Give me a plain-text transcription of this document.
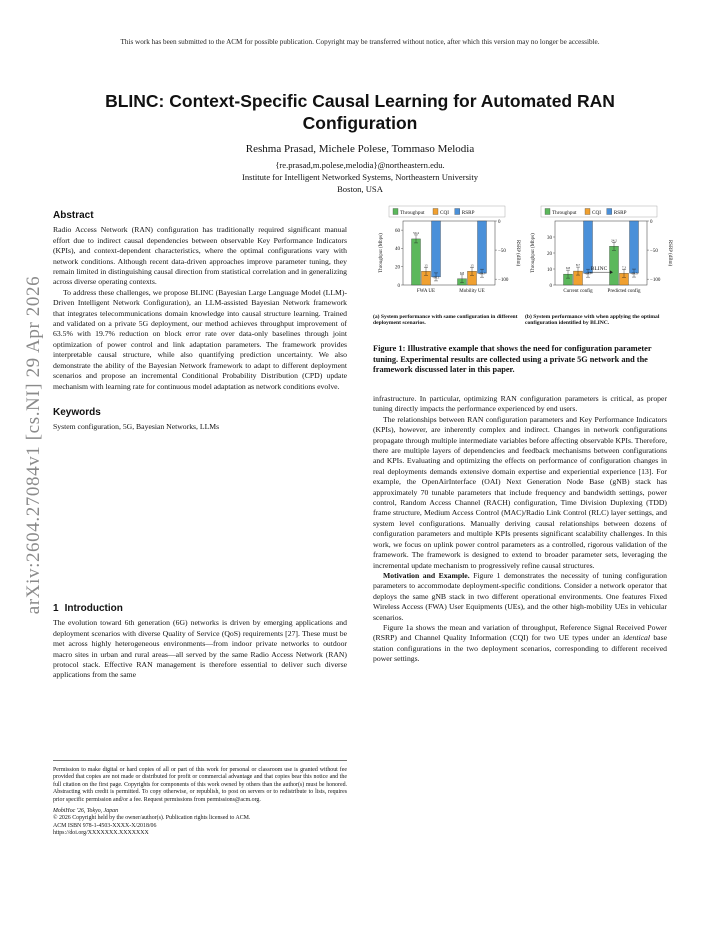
This work has been submitted to the ACM for possible publication. Copyright may be transferred without notice, after which this version may no longer be accessible.
arXiv:2604.27084v1 [cs.NI] 29 Apr 2026
BLINC: Context-Specific Causal Learning for Automated RAN
Configuration
Reshma Prasad, Michele Polese, Tommaso Melodia
{re.prasad,m.polese,melodia}@northeastern.edu.
Institute for Intelligent Networked Systems, Northeastern University
Boston, USA
Abstract

Radio Access Network (RAN) configuration has traditionally required significant manual effort due to indirect causal dependencies between observable Key Performance Indicators (KPIs), and context-dependent characteristics, where the optimal configurations vary with network conditions. Although recent data-driven approaches improve parameter tuning, they remain limited in distinguishing causal direction from statistical correlation and in generalizing across diverse operating contexts.

To address these challenges, we propose BLINC (Bayesian Large Language Model (LLM)-Driven Intelligent Network Configuration), an LLM-assisted Bayesian Network framework that integrates telecommunications domain knowledge into causal structure learning. Trained and validated on a private 5G deployment, our method achieves throughput improvement of 63.5% with 19.7% reduction on block error rate over data-only baselines through joint optimization of power control and link adaptation parameters. The framework provides interpretable causal structure, while also quantifying prediction uncertainty. We also demonstrate the ability of the Bayesian Network framework to adapt to different deployment scenarios and propose an incremental Conditional Probability Distribution (CPD) update mechanism with learning rate for continuous model adaptation as network conditions evolve.

Keywords

System configuration, 5G, Bayesian Networks, LLMs

1 Introduction

The evolution toward 6th generation (6G) networks is driven by emerging applications and deployment scenarios with diverse Quality of Service (QoS) requirements [27]. These must be met across highly heterogeneous environments—from indoor private networks to outdoor macro sites in urban and rural areas—all served by the same Radio Access Network (RAN) protocol stack. Effective RAN management is therefore essential to deliver such diverse applications from the same

Permission to make digital or hard copies of all or part of this work for personal or classroom use is granted without fee provided that copies are not made or distributed for profit or commercial advantage and that copies bear this notice and the full citation on the first page. Copyrights for components of this work owned by others than the author(s) must be honored. Abstracting with credit is permitted. To copy otherwise, or republish, to post on servers or to redistribute to lists, requires prior specific permission and/or a fee. Request permissions from permissions@acm.org.

MobiHoc '26, Tokyo, Japan

© 2026 Copyright held by the owner/author(s). Publication rights licensed to ACM.

ACM ISBN 978-1-4503-XXXX-X/2018/06

https://doi.org/XXXXXXX.XXXXXXX

Throughput	CQI RSRP
0
20
40
60
−100
−50
0
Throughput (Mbps)	RSRP (dBm)
FWA UE
50.4
15
-96.1
Mobility UE
6.8
15
-89.7
Throughput	CQI RSRP
0
10
20
30
−100
−50
0
Throughput (Mbps)	RSRP (dBm)
Current config
6.8
8.7
-89.7
Predicted config
24.2
7.3
-89.5
BLINC
(a) System performance with same configuration in different deployment scenarios.
(b) System performance with when applying the optimal configuration identified by BLINC.
Figure 1: Illustrative example that shows the need for configuration parameter tuning. Experimental results are collected using a private 5G network and the framework discussed later in this paper.

infrastructure. In particular, optimizing RAN configuration parameters is critical, as proper tuning directly impacts the performance experienced by end users.

The relationships between RAN configuration parameters and Key Performance Indicators (KPIs), however, are inherently complex and indirect. Changes in network configurations propagate through multiple intermediate variables before affecting observable KPIs. Therefore, there are multiple layers of dependencies and feedback mechanisms between configurations and KPIs. Evaluating and optimizing the effects on performance of configuration changes in real deployments demands extensive domain expertise and experiential experience [13]. For example, the OpenAirInterface (OAI) Next Generation Node Base (gNB) stack has approximately 70 tunable parameters that include frequency and bandwidth settings, power control, Random Access Channel (RACH) configuration, Time Division Duplexing (TDD) frame structure, Medium Access Control (MAC)/Radio Link Control (RLC) layer settings, and system level configurations. Manually deriving causal relationships between dozens of configuration parameters and multiple KPIs presents significant scalability challenges. In this work, we focus on uplink power control parameters as a controlled, rigorous validation of the framework. The framework is designed to extend to broader parameter sets, leveraging the incremental update mechanism to progressively refine causal structures.

Motivation and Example. Figure 1 demonstrates the necessity of tuning configuration parameters to accommodate deployment-specific conditions. Consider a network operator that deploys the same gNB stack in two different operational environments. One features Fixed Wireless Access (FWA) User Equipments (UEs), and the other high-mobility UEs in vehicular scenarios.

Figure 1a shows the mean and variation of throughput, Reference Signal Received Power (RSRP) and Channel Quality Information (CQI) for two UE types under an identical base station configurations in the two deployment scenarios, corresponding to different received power settings.
